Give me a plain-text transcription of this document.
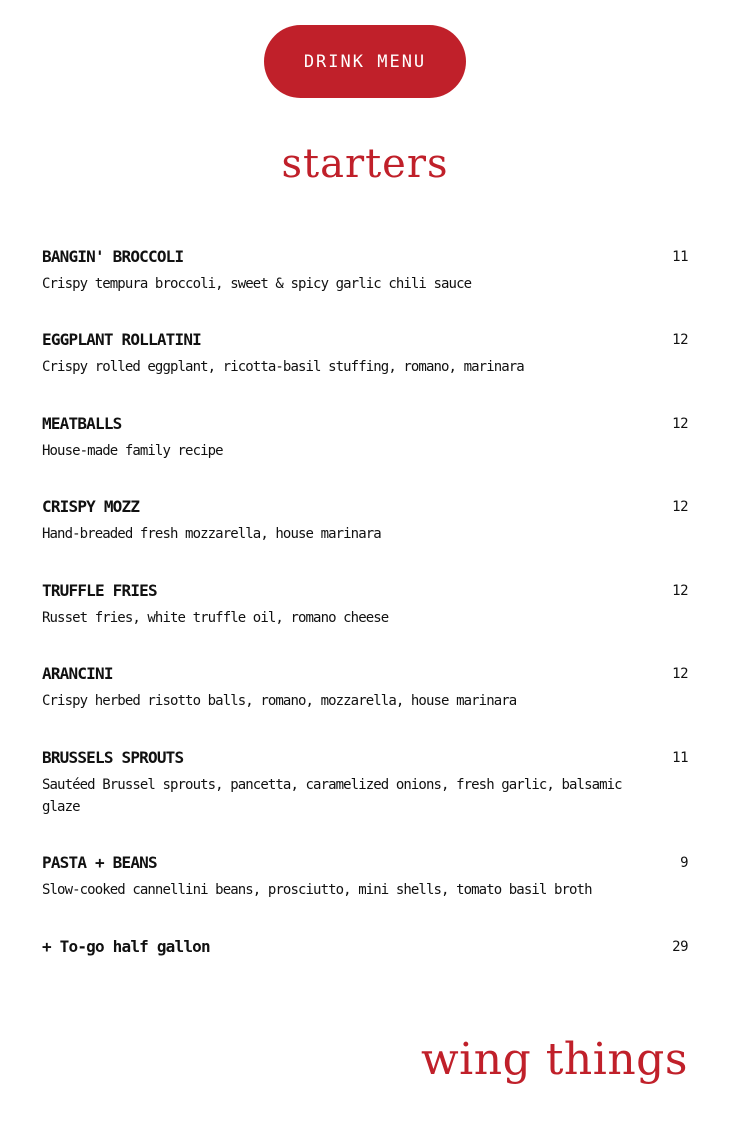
DRINK MENU
starters
BANGIN' BROCCOLI	11
Crispy tempura broccoli, sweet & spicy garlic chili sauce
EGGPLANT ROLLATINI	12
Crispy rolled eggplant, ricotta-basil stuffing, romano, marinara
MEATBALLS	12
House-made family recipe
CRISPY MOZZ	12
Hand-breaded fresh mozzarella, house marinara
TRUFFLE FRIES	12
Russet fries, white truffle oil, romano cheese
ARANCINI	12
Crispy herbed risotto balls, romano, mozzarella, house marinara
BRUSSELS SPROUTS	11
Sautéed Brussel sprouts, pancetta, caramelized onions, fresh garlic, balsamic glaze
PASTA + BEANS	9
Slow-cooked cannellini beans, prosciutto, mini shells, tomato basil broth
+ To-go half gallon	29
wing things
